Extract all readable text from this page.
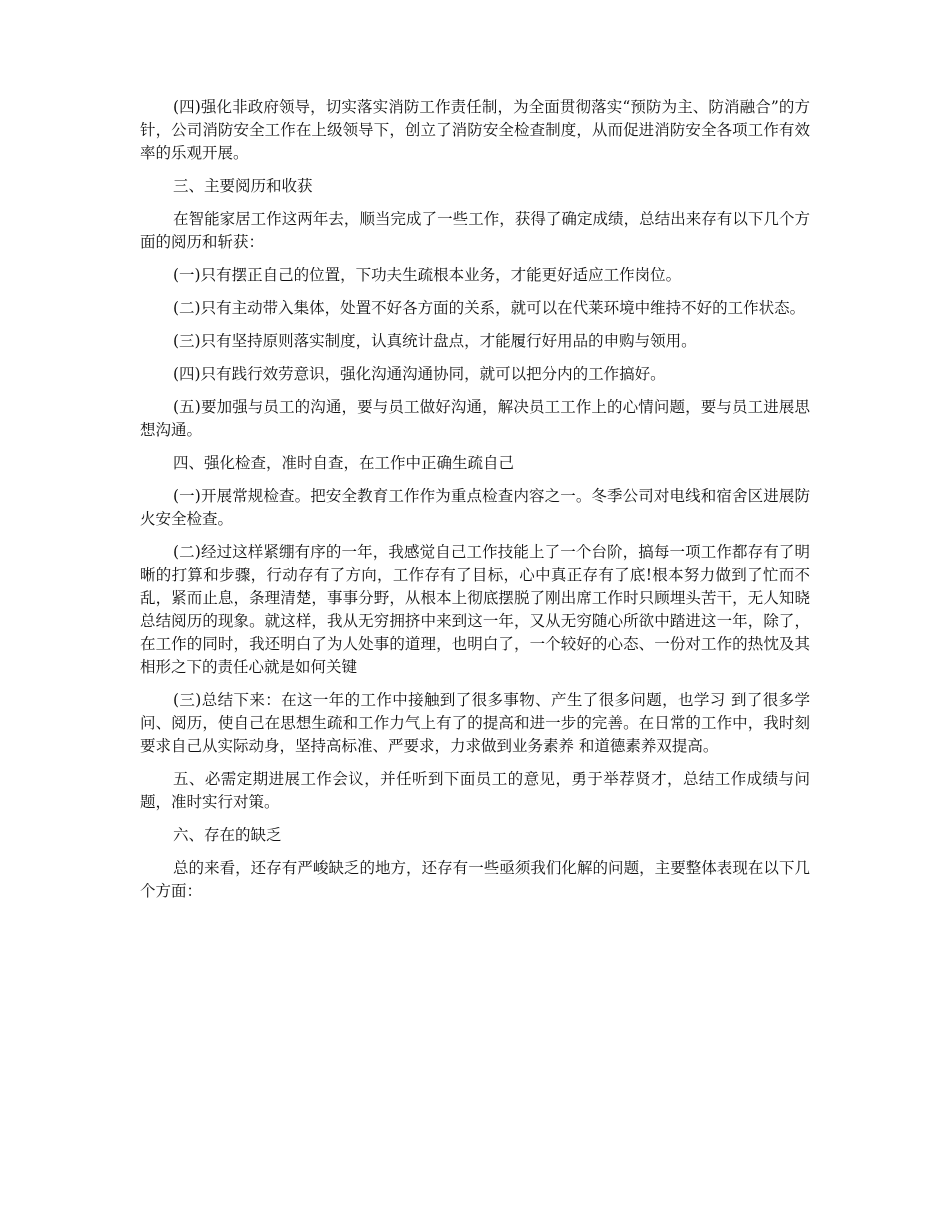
(四)强化非政府领导，切实落实消防工作责任制，为全面贯彻落实“预防为主、防消融合”的方针，公司消防安全工作在上级领导下，创立了消防安全检查制度，从而促进消防安全各项工作有效率的乐观开展。

三、主要阅历和收获

在智能家居工作这两年去，顺当完成了一些工作，获得了确定成绩，总结出来存有以下几个方面的阅历和斩获：

(一)只有摆正自己的位置，下功夫生疏根本业务，才能更好适应工作岗位。

(二)只有主动带入集体，处置不好各方面的关系，就可以在代莱环境中维持不好的工作状态。

(三)只有坚持原则落实制度，认真统计盘点，才能履行好用品的申购与领用。

(四)只有践行效劳意识，强化沟通沟通协同，就可以把分内的工作搞好。

(五)要加强与员工的沟通，要与员工做好沟通，解决员工工作上的心情问题，要与员工进展思想沟通。

四、强化检查，准时自查，在工作中正确生疏自己

(一)开展常规检查。把安全教育工作作为重点检查内容之一。冬季公司对电线和宿舍区进展防火安全检查。

(二)经过这样紧绷有序的一年，我感觉自己工作技能上了一个台阶，搞每一项工作都存有了明晰的打算和步骤，行动存有了方向，工作存有了目标，心中真正存有了底!根本努力做到了忙而不乱，紧而止息，条理清楚，事事分野，从根本上彻底摆脱了刚出席工作时只顾埋头苦干，无人知晓总结阅历的现象。就这样，我从无穷拥挤中来到这一年，又从无穷随心所欲中踏进这一年，除了，在工作的同时，我还明白了为人处事的道理，也明白了，一个较好的心态、一份对工作的热忱及其相形之下的责任心就是如何关键

(三)总结下来：在这一年的工作中接触到了很多事物、产生了很多问题，也学习 到了很多学问、阅历，使自己在思想生疏和工作力气上有了的提高和进一步的完善。在日常的工作中，我时刻要求自己从实际动身，坚持高标准、严要求，力求做到业务素养 和道德素养双提高。

五、必需定期进展工作会议，并任听到下面员工的意见，勇于举荐贤才，总结工作成绩与问题，准时实行对策。

六、存在的缺乏

总的来看，还存有严峻缺乏的地方，还存有一些亟须我们化解的问题，主要整体表现在以下几个方面：
